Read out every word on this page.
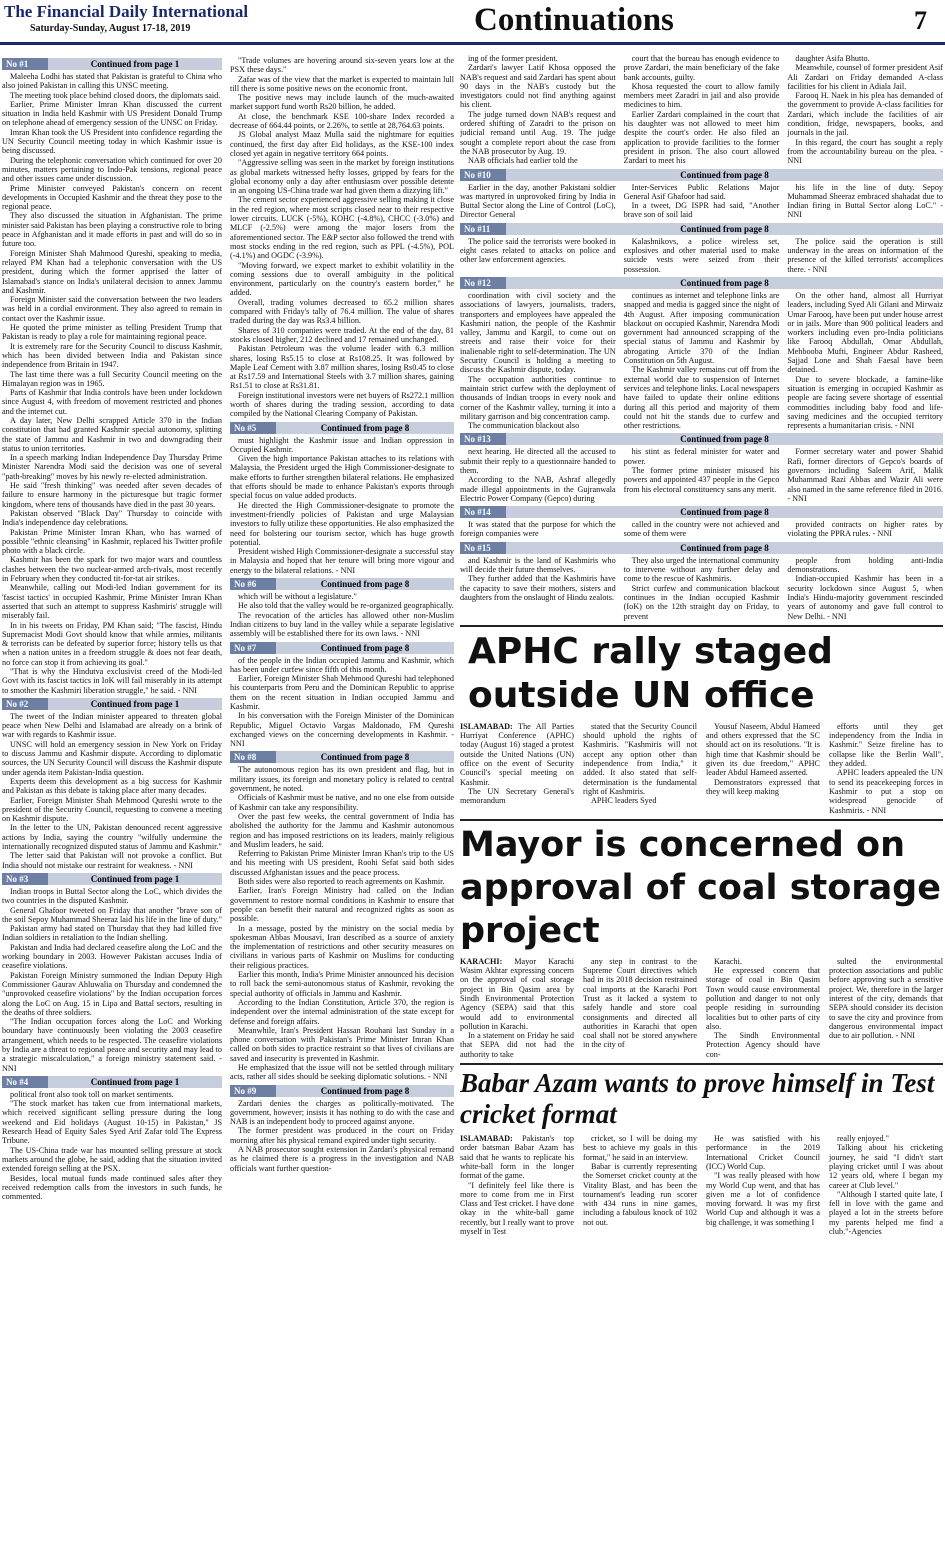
The Financial Daily International
Saturday-Sunday, August 17-18, 2019	Continuations	7
No #1	Continued from page 1

Maleeha Lodhi has stated that Pakistan is grateful to China who also joined Pakistan in calling this UNSC meeting.

The meeting took place behind closed doors, the diplomats said.

Earlier, Prime Minister Imran Khan discussed the current situation in India held Kashmir with US President Donald Trump on telephone ahead of emergency session of the UNSC on Friday.

Imran Khan took the US President into confidence regarding the UN Security Council meeting today in which Kashmir issue is being discussed.

During the telephonic conversation which continued for over 20 minutes, matters pertaining to Indo-Pak tensions, regional peace and other issues came under discussion.

Prime Minister conveyed Pakistan's concern on recent developments in Occupied Kashmir and the threat they pose to the regional peace.

They also discussed the situation in Afghanistan. The prime minister said Pakistan has been playing a constructive role to bring peace in Afghanistan and it made efforts in past and will do so in future too.

Foreign Minister Shah Mahmood Qureshi, speaking to media, relayed PM Khan had a telephonic conversation with the US president, during which the former apprised the latter of Islamabad's stance on India's unilateral decision to annex Jammu and Kashmir.

Foreign Minister said the conversation between the two leaders was held in a cordial environment. They also agreed to remain in contact over the Kashmir issue.

He quoted the prime minister as telling President Trump that Pakistan is ready to play a role for maintaining regional peace.

It is extremely rare for the Security Council to discuss Kashmir, which has been divided between India and Pakistan since independence from Britain in 1947.

The last time there was a full Security Council meeting on the Himalayan region was in 1965.

Parts of Kashmir that India controls have been under lockdown since August 4, with freedom of movement restricted and phones and the internet cut.

A day later, New Delhi scrapped Article 370 in the Indian constitution that had granted Kashmir special autonomy, splitting the state of Jammu and Kashmir in two and downgrading their status to union territories.

In a speech marking Indian Independence Day Thursday Prime Minister Narendra Modi said the decision was one of several "path-breaking" moves by his newly re-elected administration.

He said "fresh thinking" was needed after seven decades of failure to ensure harmony in the picturesque but tragic former kingdom, where tens of thousands have died in the past 30 years.

Pakistan observed "Black Day" Thursday to coincide with India's independence day celebrations.

Pakistan Prime Minister Imran Khan, who has warned of possible "ethnic cleansing" in Kashmir, replaced his Twitter profile photo with a black circle.

Kashmir has been the spark for two major wars and countless clashes between the two nuclear-armed arch-rivals, most recently in February when they conducted tit-for-tat air strikes.

Meanwhile, calling out Modi-led Indian government for its 'fascist tactics' in occupied Kashmir, Prime Minister Imran Khan asserted that such an attempt to suppress Kashmiris' struggle will miserably fail.

In in his tweets on Friday, PM Khan said; "The fascist, Hindu Supremacist Modi Govt should know that while armies, militants & terrorists can be defeated by superior force; history tells us that when a nation unites in a freedom struggle & does not fear death, no force can stop it from achieving its goal."

"That is why the Hindutva exclusivist creed of the Modi-led Govt with its fascist tactics in IoK will fail miserably in its attempt to smother the Kashmiri liberation struggle," he said. - NNI

No #2	Continued from page 1

The tweet of the Indian minister appeared to threaten global peace when New Delhi and Islamabad are already on a brink of war with regards to Kashmir issue.

UNSC will hold an emergency session in New York on Friday to discuss Jammu and Kashmir dispute. According to diplomatic sources, the UN Security Council will discuss the Kashmir dispute under agenda item Pakistan-India question.

Experts deem this development as a big success for Kashmir and Pakistan as this debate is taking place after many decades.

Earlier, Foreign Minister Shah Mehmood Qureshi wrote to the president of the Security Council, requesting to convene a meeting on Kashmir dispute.

In the letter to the UN, Pakistan denounced recent aggressive actions by India, saying the country "wilfully undermine the internationally recognized disputed status of Jammu and Kashmir."

The letter said that Pakistan will not provoke a conflict. But India should not mistake our restraint for weakness. - NNI

No #3	Continued from page 1

Indian troops in Buttal Sector along the LoC, which divides the two countries in the disputed Kashmir.

General Ghafoor tweeted on Friday that another "brave son of the soil Sepoy Muhammad Sheeraz laid his life in the line of duty."

Pakistan army had stated on Thursday that they had killed five Indian soldiers in retaliation to the Indian shelling.

Pakistan and India had declared ceasefire along the LoC and the working boundary in 2003. However Pakistan accuses India of ceasefire violations.

Pakistan Foreign Ministry summoned the Indian Deputy High Commissioner Gaurav Ahluwalia on Thursday and condemned the "unprovoked ceasefire violations" by the Indian occupation forces along the LoC on Aug. 15 in Lipa and Battal sectors, resulting in the deaths of three soldiers.

"The Indian occupation forces along the LoC and Working boundary have continuously been violating the 2003 ceasefire arrangement, which needs to be respected. The ceasefire violations by India are a threat to regional peace and security and may lead to a strategic miscalculation," a foreign ministry statement said. - NNI

No #4	Continued from page 1

political front also took toll on market sentiments.

"The stock market has taken cue from international markets, which received significant selling pressure during the long weekend and Eid holidays (August 10-15) in Pakistan," JS Research Head of Equity Sales Syed Arif Zafar told The Express Tribune.

The US-China trade war has mounted selling pressure at stock markets around the globe, he said, adding that the situation invited extended foreign selling at the PSX.

Besides, local mutual funds made continued sales after they received redemption calls from the investors in such funds, he commented.

"Trade volumes are hovering around six-seven years low at the PSX these days."

Zafar was of the view that the market is expected to maintain lull till there is some positive news on the economic front.

The positive news may include launch of the much-awaited market support fund worth Rs20 billion, he added.

At close, the benchmark KSE 100-share Index recorded a decrease of 664.44 points, or 2.26%, to settle at 28,764.63 points.

JS Global analyst Maaz Mulla said the nightmare for equities continued, the first day after Eid holidays, as the KSE-100 index closed yet again in negative territory 664 points.

"Aggressive selling was seen in the market by foreign institutions as global markets witnessed hefty losses, gripped by fears for the global economy only a day after enthusiasm over possible detente in an ongoing US-China trade war had given them a dizzying lift."

The cement sector experienced aggressive selling making it close in the red region, where most scripts closed near to their respective lower circuits. LUCK (-5%), KOHC (-4.8%), CHCC (-3.0%) and MLCF (-2.5%) were among the major losers from the aforementioned sector. The E&P sector also followed the trend with most stocks ending in the red region, such as PPL (-4.5%), POL (-4.1%) and OGDC (-3.9%).

"Moving forward, we expect market to exhibit volatility in the coming sessions due to overall ambiguity in the political environment, particularly on the country's eastern border," he added.

Overall, trading volumes decreased to 65.2 million shares compared with Friday's tally of 76.4 million. The value of shares traded during the day was Rs3.4 billion.

Shares of 310 companies were traded. At the end of the day, 81 stocks closed higher, 212 declined and 17 remained unchanged.

Pakistan Petroleum was the volume leader with 6.3 million shares, losing Rs5.15 to close at Rs108.25. It was followed by Maple Leaf Cement with 3.87 million shares, losing Rs0.45 to close at Rs17.59 and International Steels with 3.7 million shares, gaining Rs1.51 to close at Rs31.81.

Foreign institutional investors were net buyers of Rs272.1 million worth of shares during the trading session, according to data compiled by the National Clearing Company of Pakistan.

No #5	Continued from page 8

must highlight the Kashmir issue and Indian oppression in Occupied Kashmir.

Given the high importance Pakistan attaches to its relations with Malaysia, the President urged the High Commissioner-designate to make efforts to further strengthen bilateral relations. He emphasized that efforts should be made to enhance Pakistan's exports through special focus on value added products.

He directed the High Commissioner-designate to promote the investment-friendly policies of Pakistan and urge Malaysian investors to fully utilize these opportunities. He also emphasized the need for bolstering our tourism sector, which has huge growth potential.

President wished High Commissioner-designate a successful stay in Malaysia and hoped that her tenure will bring more vigour and energy to the bilateral relations. - NNI

No #6	Continued from page 8

which will be without a legislature."

He also told that the valley would be re-organized geographically.

The revocation of the articles has allowed other non-Muslim Indian citizens to buy land in the valley while a separate legislative assembly will be established there for its own laws. - NNI

No #7	Continued from page 8

of the people in the Indian occupied Jammu and Kashmir, which has been under curfew since fifth of this month.

Earlier, Foreign Minister Shah Mehmood Qureshi had telephoned his counterparts from Peru and the Dominican Republic to apprise them on the recent situation in Indian occupied Jammu and Kashmir.

In his conversation with the Foreign Minister of the Dominican Republic, Miguel Octavio Vargas Maldonado, FM Qureshi exchanged views on the concerning developments in Kashmir. - NNI

No #8	Continued from page 8

The autonomous region has its own president and flag, but in military issues, its foreign and monetary policy is related to central government, he noted.

Officials of Kashmir must be native, and no one else from outside of Kashmir can take any responsibility.

Over the past few weeks, the central government of India has abolished the authority for the Jammu and Kashmir autonomous region and has imposed restrictions on its leaders, mainly religious and Muslim leaders, he said.

Referring to Pakistan Prime Minister Imran Khan's trip to the US and his meeting with US president, Roohi Sefat said both sides discussed Afghanistan issues and the peace process.

Both sides were also reported to reach agreements on Kashmir.

Earlier, Iran's Foreign Ministry had called on the Indian government to restore normal conditions in Kashmir to ensure that people can benefit their natural and recognized rights as soon as possible.

In a message, posted by the ministry on the social media by spokesman Abbas Mousavi, Iran described as a source of anxiety the implementation of restrictions and other security measures on civilians in various parts of Kashmir on Muslims for conducting their religious practices.

Earlier this month, India's Prime Minister announced his decision to roll back the semi-autonomous status of Kashmir, revoking the special authority of officials in Jammu and Kashmir.

According to the Indian Constitution, Article 370, the region is independent over the internal administration of the state except for defense and foreign affairs.

Meanwhile, Iran's President Hassan Rouhani last Sunday in a phone conversation with Pakistan's Prime Minister Imran Khan called on both sides to practice restraint so that lives of civilians are saved and insecurity is prevented in Kashmir.

He emphasized that the issue will not be settled through military acts, rather all sides should be seeking diplomatic solutions. - NNI

No #9	Continued from page 8

Zardari denies the charges as politically-motivated. The government, however; insists it has nothing to do with the case and NAB is an independent body to proceed against anyone.

The former president was produced in the court on Friday morning after his physical remand expired under tight security.

A NAB prosecutor sought extension in Zardari's physical remand as he claimed there is a progress in the investigation and NAB officials want further question-

ing of the former president.

Zardari's lawyer Latif Khosa opposed the NAB's request and said Zardari has spent about 90 days in the NAB's custody but the investigators could not find anything against his client.

The judge turned down NAB's request and ordered shifting of Zaradri to the prison on judicial remand until Aug. 19. The judge sought a complete report about the case from the NAB prosecutor by Aug. 19.

NAB officials had earlier told the

court that the bureau has enough evidence to prove Zardari, the main beneficiary of the fake bank accounts, guilty.

Khosa requested the court to allow family members meet Zaradri in jail and also provide medicines to him.

Earlier Zardari complained in the court that his daughter was not allowed to meet him despite the court's order. He also filed an application to provide facilities to the former president in prison. The also court allowed Zardari to meet his

daughter Asifa Bhutto.

Meanwhile, counsel of former president Asif Ali Zardari on Friday demanded A-class facilities for his client in Adiala Jail.

Farooq H. Naek in his plea has demanded of the government to provide A-class facilities for Zardari, which include the facilities of air condition, fridge, newspapers, books, and journals in the jail.

In this regard, the court has sought a reply from the accountability bureau on the plea. - NNI

No #10	Continued from page 8

Earlier in the day, another Pakistani soldier was martyred in unprovoked firing by India in Buttal Sector along the Line of Control (LoC), Director General

Inter-Services Public Relations Major General Asif Ghafoor had said.

In a tweet, DG ISPR had said, "Another brave son of soil laid

his life in the line of duty. Sepoy Muhammad Sheeraz embraced shahadat due to Indian firing in Buttal Sector along LoC." - NNI

No #11	Continued from page 8

The police said the terrorists were booked in eight cases related to attacks on police and other law enforcement agencies.

Kalashnikovs, a police wireless set, explosives and other material used to make suicide vests were seized from their possession.

The police said the operation is still underway in the areas on information of the presence of the killed terrorists' accomplices there. - NNI

No #12	Continued from page 8

coordination with civil society and the associations of lawyers, journalists, traders, transporters and employees have appealed the Kashmiri nation, the people of the Kashmir valley, Jammu and Kargil, to come out on streets and raise their voice for their inalienable right to self-determination. The UN Security Council is holding a meeting to discuss the Kashmir dispute, today.

The occupation authorities continue to maintain strict curfew with the deployment of thousands of Indian troops in every nook and corner of the Kashmir valley, turning it into a military garrison and big concentration camp.

The communication blackout also

continues as internet and telephone links are snapped and media is gagged since the night of 4th August. After imposing communication blackout on occupied Kashmir, Narendra Modi government had announced scrapping of the special status of Jammu and Kashmir by abrogating Article 370 of the Indian Constitution on 5th August.

The Kashmir valley remains cut off from the external world due to suspension of Internet services and telephone links. Local newspapers have failed to update their online editions during all this period and majority of them could not hit the stands due to curfew and other restrictions.

On the other hand, almost all Hurriyat leaders, including Syed Ali Gilani and Mirwaiz Umar Farooq, have been put under house arrest or in jails. More than 900 political leaders and workers including even pro-India politicians like Farooq Abdullah, Omar Abdullah, Mehbooba Mufti, Engineer Abdur Rasheed, Sajjad Lone and Shah Faesal have been detained.

Due to severe blockade, a famine-like situation is emerging in occupied Kashmir as people are facing severe shortage of essential commodities including baby food and life-saving medicines and the occupied territory represents a humanitarian crisis. - NNI

No #13	Continued from page 8

next hearing. He directed all the accused to submit their reply to a questionnaire handed to them.

According to the NAB, Ashraf allegedly made illegal appointments in the Gujranwala Electric Power Company (Gepco) during

his stint as federal minister for water and power.

The former prime minister misused his powers and appointed 437 people in the Gepco from his electoral constituency sans any merit.

Former secretary water and power Shahid Rafi, former directors of Gepco's boards of governors including Saleem Arif, Malik Muhammad Razi Abbas and Wazir Ali were also named in the same reference filed in 2016. - NNI

No #14	Continued from page 8

It was stated that the purpose for which the foreign companies were

called in the country were not achieved and some of them were

provided contracts on higher rates by violating the PPRA rules. - NNI

No #15	Continued from page 8

and Kashmir is the land of Kashmiris who will decide their future themselves.

They further added that the Kashmiris have the capacity to save their mothers, sisters and daughters from the onslaught of Hindu zealots.

They also urged the international community to intervene without any further delay and come to the rescue of Kashmiris.

Strict curfew and communication blackout continues in the Indian occupied Kashmir (IoK) on the 12th straight day on Friday, to prevent

people from holding anti-India demonstrations.

Indian-occupied Kashmir has been in a security lockdown since August 5, when India's Hindu-majority government rescinded years of autonomy and gave full control to New Delhi. - NNI

APHC rally staged outside UN office
ISLAMABAD: The All Parties Hurriyat Conference (APHC) today (August 16) staged a protest outside the United Nations (UN) office on the event of Security Council's special meeting on Kashmir.
The UN Secretary General's memorandum

stated that the Security Council should uphold the rights of Kashmiris. "Kashmiris will not accept any option other than independence from India," it added. It also stated that self-determination is the fundamental right of Kashmiris.

APHC leaders Syed

Yousuf Naseem, Abdul Hameed and others expressed that the SC should act on its resolutions. "It is high time that Kashmir should be given its due freedom," APHC leader Abdul Hameed asserted.

Demonstrators expressed that they will keep making

efforts until they get independency from the India in Kashmir." Seize fireline has to collapse like the Berlin Wall", they added.

APHC leaders appealed the UN to send its peacekeeping forces in Kashmir to put a stop on widespread genocide of Kashmiris. - NNI

Mayor is concerned on approval of coal storage project
KARACHI: Mayor Karachi Wasim Akhtar expressing concern on the approval of coal storage project in Bin Qasim area by Sindh Environmental Protection Agency (SEPA) said that this would add to environmental pollution in Karachi.
In a statement on Friday he said that SEPA did not had the authority to take

any step in contrast to the Supreme Court directives which had in its 2018 decision restrained coal imports at the Karachi Port Trust as it lacked a system to safely handle and store coal consignments and directed all authorities in Karachi that open coal shall not be stored anywhere in the city of

Karachi.

He expressed concern that storage of coal in Bin Qasim Town would cause environmental pollution and danger to not only people residing in surrounding localities but to other parts of city also.

The Sindh Environmental Protection Agency should have con-

sulted the environmental protection associations and public before approving such a sensitive project. We, therefore in the larger interest of the city, demands that SEPA should consider its decision to save the city and province from dangerous environmental impact due to air pollution. - NNI

Babar Azam wants to prove himself in Test cricket format
ISLAMABAD: Pakistan's top order batsman Babar Azam has said that he wants to replicate his white-ball form in the longer format of the game.
"I definitely feel like there is more to come from me in First Class and Test cricket. I have done okay in the white-ball game recently, but I really want to prove myself in Test

cricket, so I will be doing my best to achieve my goals in this format," he said in an interview.

Babar is currently representing the Somerset cricket county at the Vitality Blast, and has been the tournament's leading run scorer with 434 runs in nine games, including a fabulous knock of 102 not out.

He was satisfied with his performance in the 2019 International Cricket Council (ICC) World Cup.

"I was really pleased with how my World Cup went, and that has given me a lot of confidence moving forward. It was my first World Cup and although it was a big challenge, it was something I

really enjoyed."

Talking about his cricketing journey, he said "I didn't start playing cricket until I was about 12 years old, where I began my career at Club level."

"Although I started quite late, I fell in love with the game and played a lot in the streets before my parents helped me find a club."-Agencies
